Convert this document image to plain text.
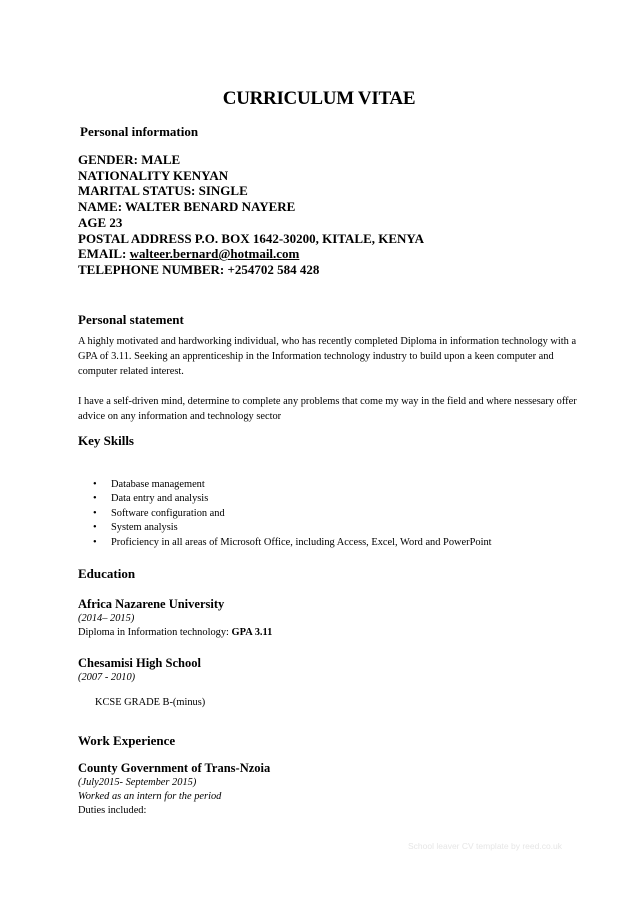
CURRICULUM VITAE
Personal information
GENDER: MALE
NATIONALITY KENYAN
MARITAL STATUS: SINGLE
NAME: WALTER BENARD NAYERE
AGE 23
POSTAL ADDRESS P.O. BOX 1642-30200, KITALE, KENYA
EMAIL: walteer.bernard@hotmail.com
TELEPHONE NUMBER: +254702 584 428
Personal statement
A highly motivated and hardworking individual, who has recently completed Diploma in information technology with a GPA of 3.11. Seeking an apprenticeship in the Information technology industry to build upon a keen computer and computer related interest.
I have a self-driven mind, determine to complete any problems that come my way in the field and where nessesary offer advice on any information and technology sector
Key Skills
• Database management
• Data entry and analysis
• Software configuration and
• System analysis
• Proficiency in all areas of Microsoft Office, including Access, Excel, Word and PowerPoint
Education
Africa Nazarene University
(2014– 2015)
Diploma in Information technology: GPA 3.11
Chesamisi High School
(2007 - 2010)
KCSE GRADE B-(minus)
Work Experience
County Government of Trans-Nzoia
(July2015- September 2015)
Worked as an intern for the period
Duties included:
School leaver CV template by reed.co.uk
